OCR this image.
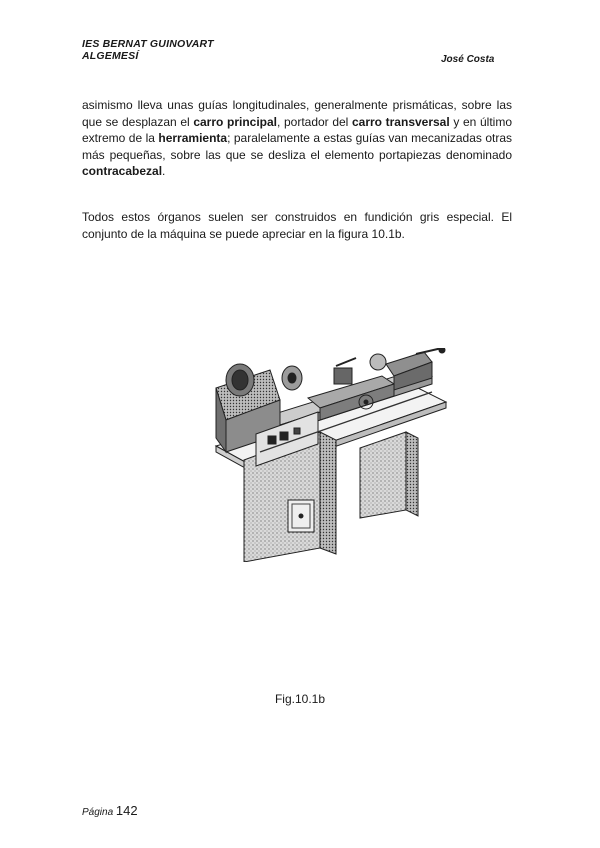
IES BERNAT GUINOVART
ALGEMESÍ	José Costa
asimismo lleva unas guías longitudinales, generalmente prismáticas, sobre las que se desplazan el carro principal, portador del carro transversal y en último extremo de la herramienta; paralelamente a estas guías van mecanizadas otras más pequeñas, sobre las que se desliza el elemento portapiezas denominado contracabezal.
Todos estos órganos suelen ser construidos en fundición gris especial. El conjunto de la máquina se puede apreciar en la figura 10.1b.
Fig.10.1b
Página 142
